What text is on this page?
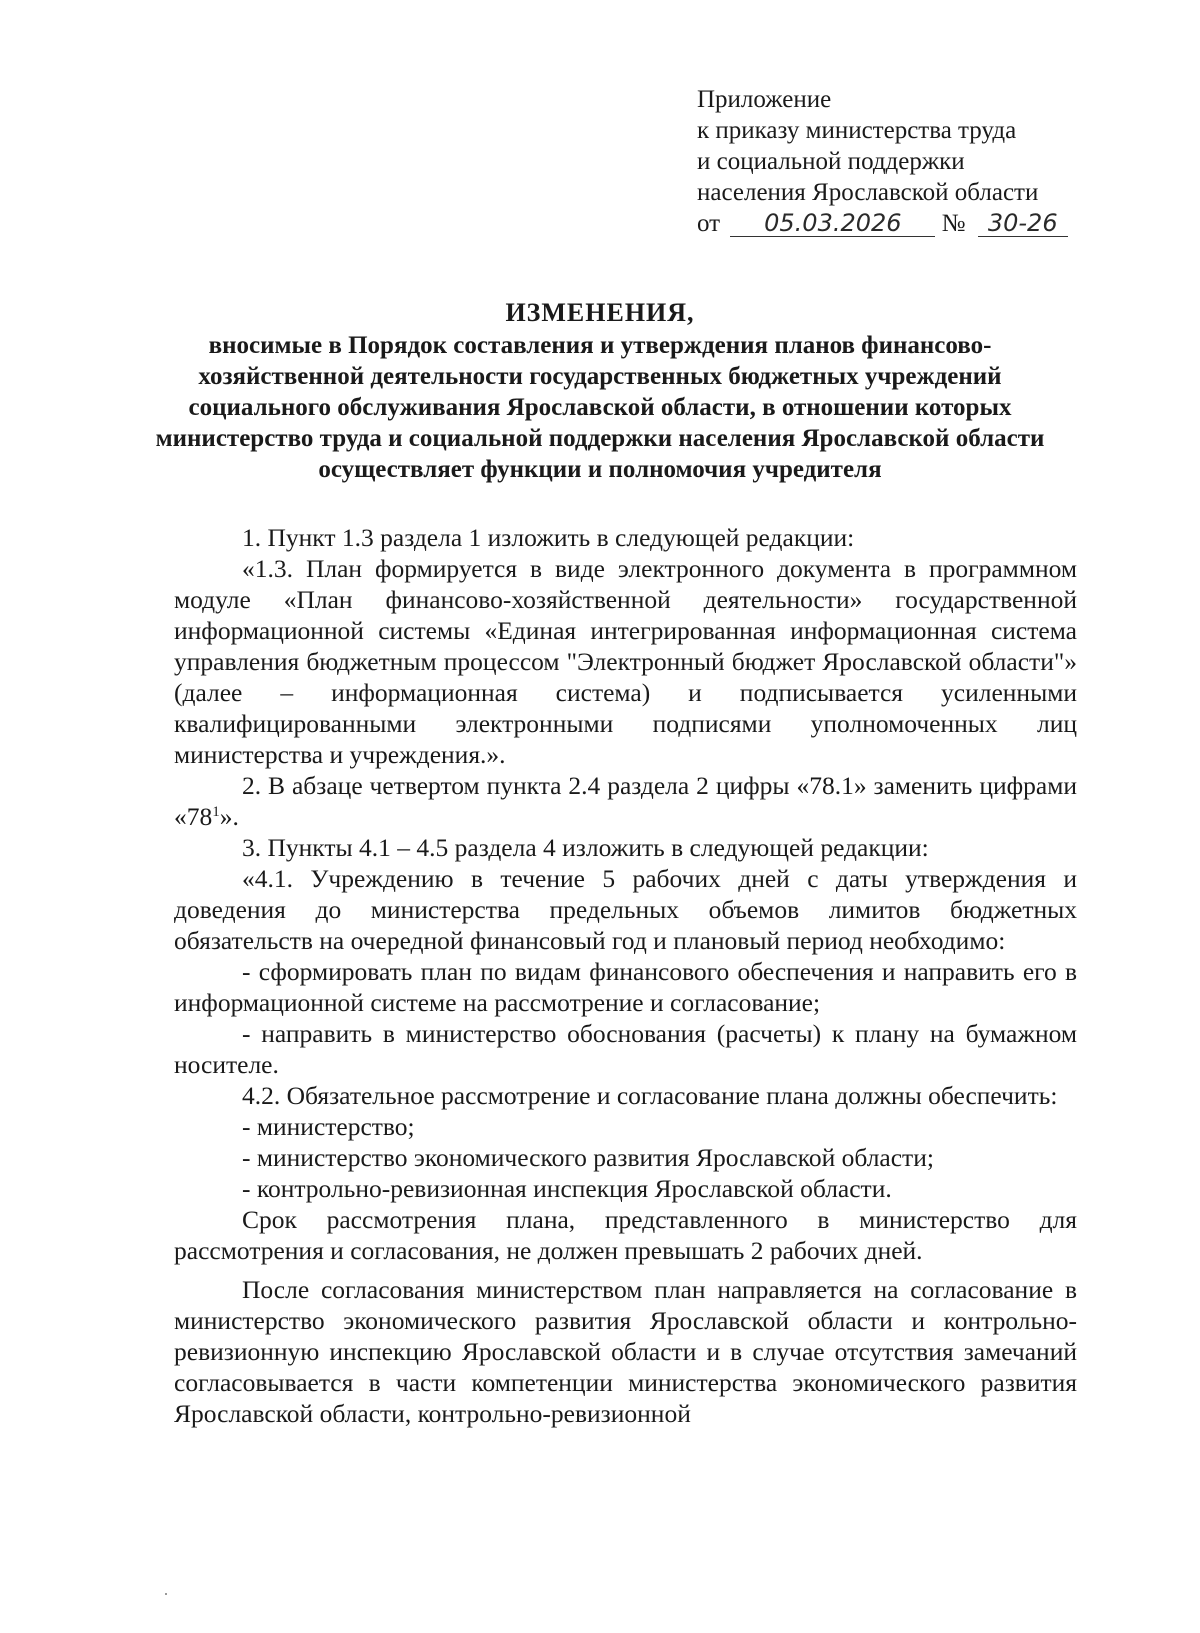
Приложение
к приказу министерства труда
и социальной поддержки
населения Ярославской области
от 05.03.2026 № 30-26
ИЗМЕНЕНИЯ,
вносимые в Порядок составления и утверждения планов финансово-хозяйственной деятельности государственных бюджетных учреждений социального обслуживания Ярославской области, в отношении которых министерство труда и социальной поддержки населения Ярославской области осуществляет функции и полномочия учредителя

1. Пункт 1.3 раздела 1 изложить в следующей редакции:

«1.3. План формируется в виде электронного документа в программном модуле «План финансово-хозяйственной деятельности» государственной информационной системы «Единая интегрированная информационная система управления бюджетным процессом "Электронный бюджет Ярославской области"» (далее – информационная система) и подписывается усиленными квалифицированными электронными подписями уполномоченных лиц министерства и учреждения.».

2. В абзаце четвертом пункта 2.4 раздела 2 цифры «78.1» заменить цифрами «$78^1$».

3. Пункты 4.1 – 4.5 раздела 4 изложить в следующей редакции:

«4.1. Учреждению в течение 5 рабочих дней с даты утверждения и доведения до министерства предельных объемов лимитов бюджетных обязательств на очередной финансовый год и плановый период необходимо:

- сформировать план по видам финансового обеспечения и направить его в информационной системе на рассмотрение и согласование;

- направить в министерство обоснования (расчеты) к плану на бумажном носителе.

4.2. Обязательное рассмотрение и согласование плана должны обеспечить:

- министерство;

- министерство экономического развития Ярославской области;

- контрольно-ревизионная инспекция Ярославской области.

Срок рассмотрения плана, представленного в министерство для рассмотрения и согласования, не должен превышать 2 рабочих дней.

После согласования министерством план направляется на согласование в министерство экономического развития Ярославской области и контрольно-ревизионную инспекцию Ярославской области и в случае отсутствия замечаний согласовывается в части компетенции министерства экономического развития Ярославской области, контрольно-ревизионной
